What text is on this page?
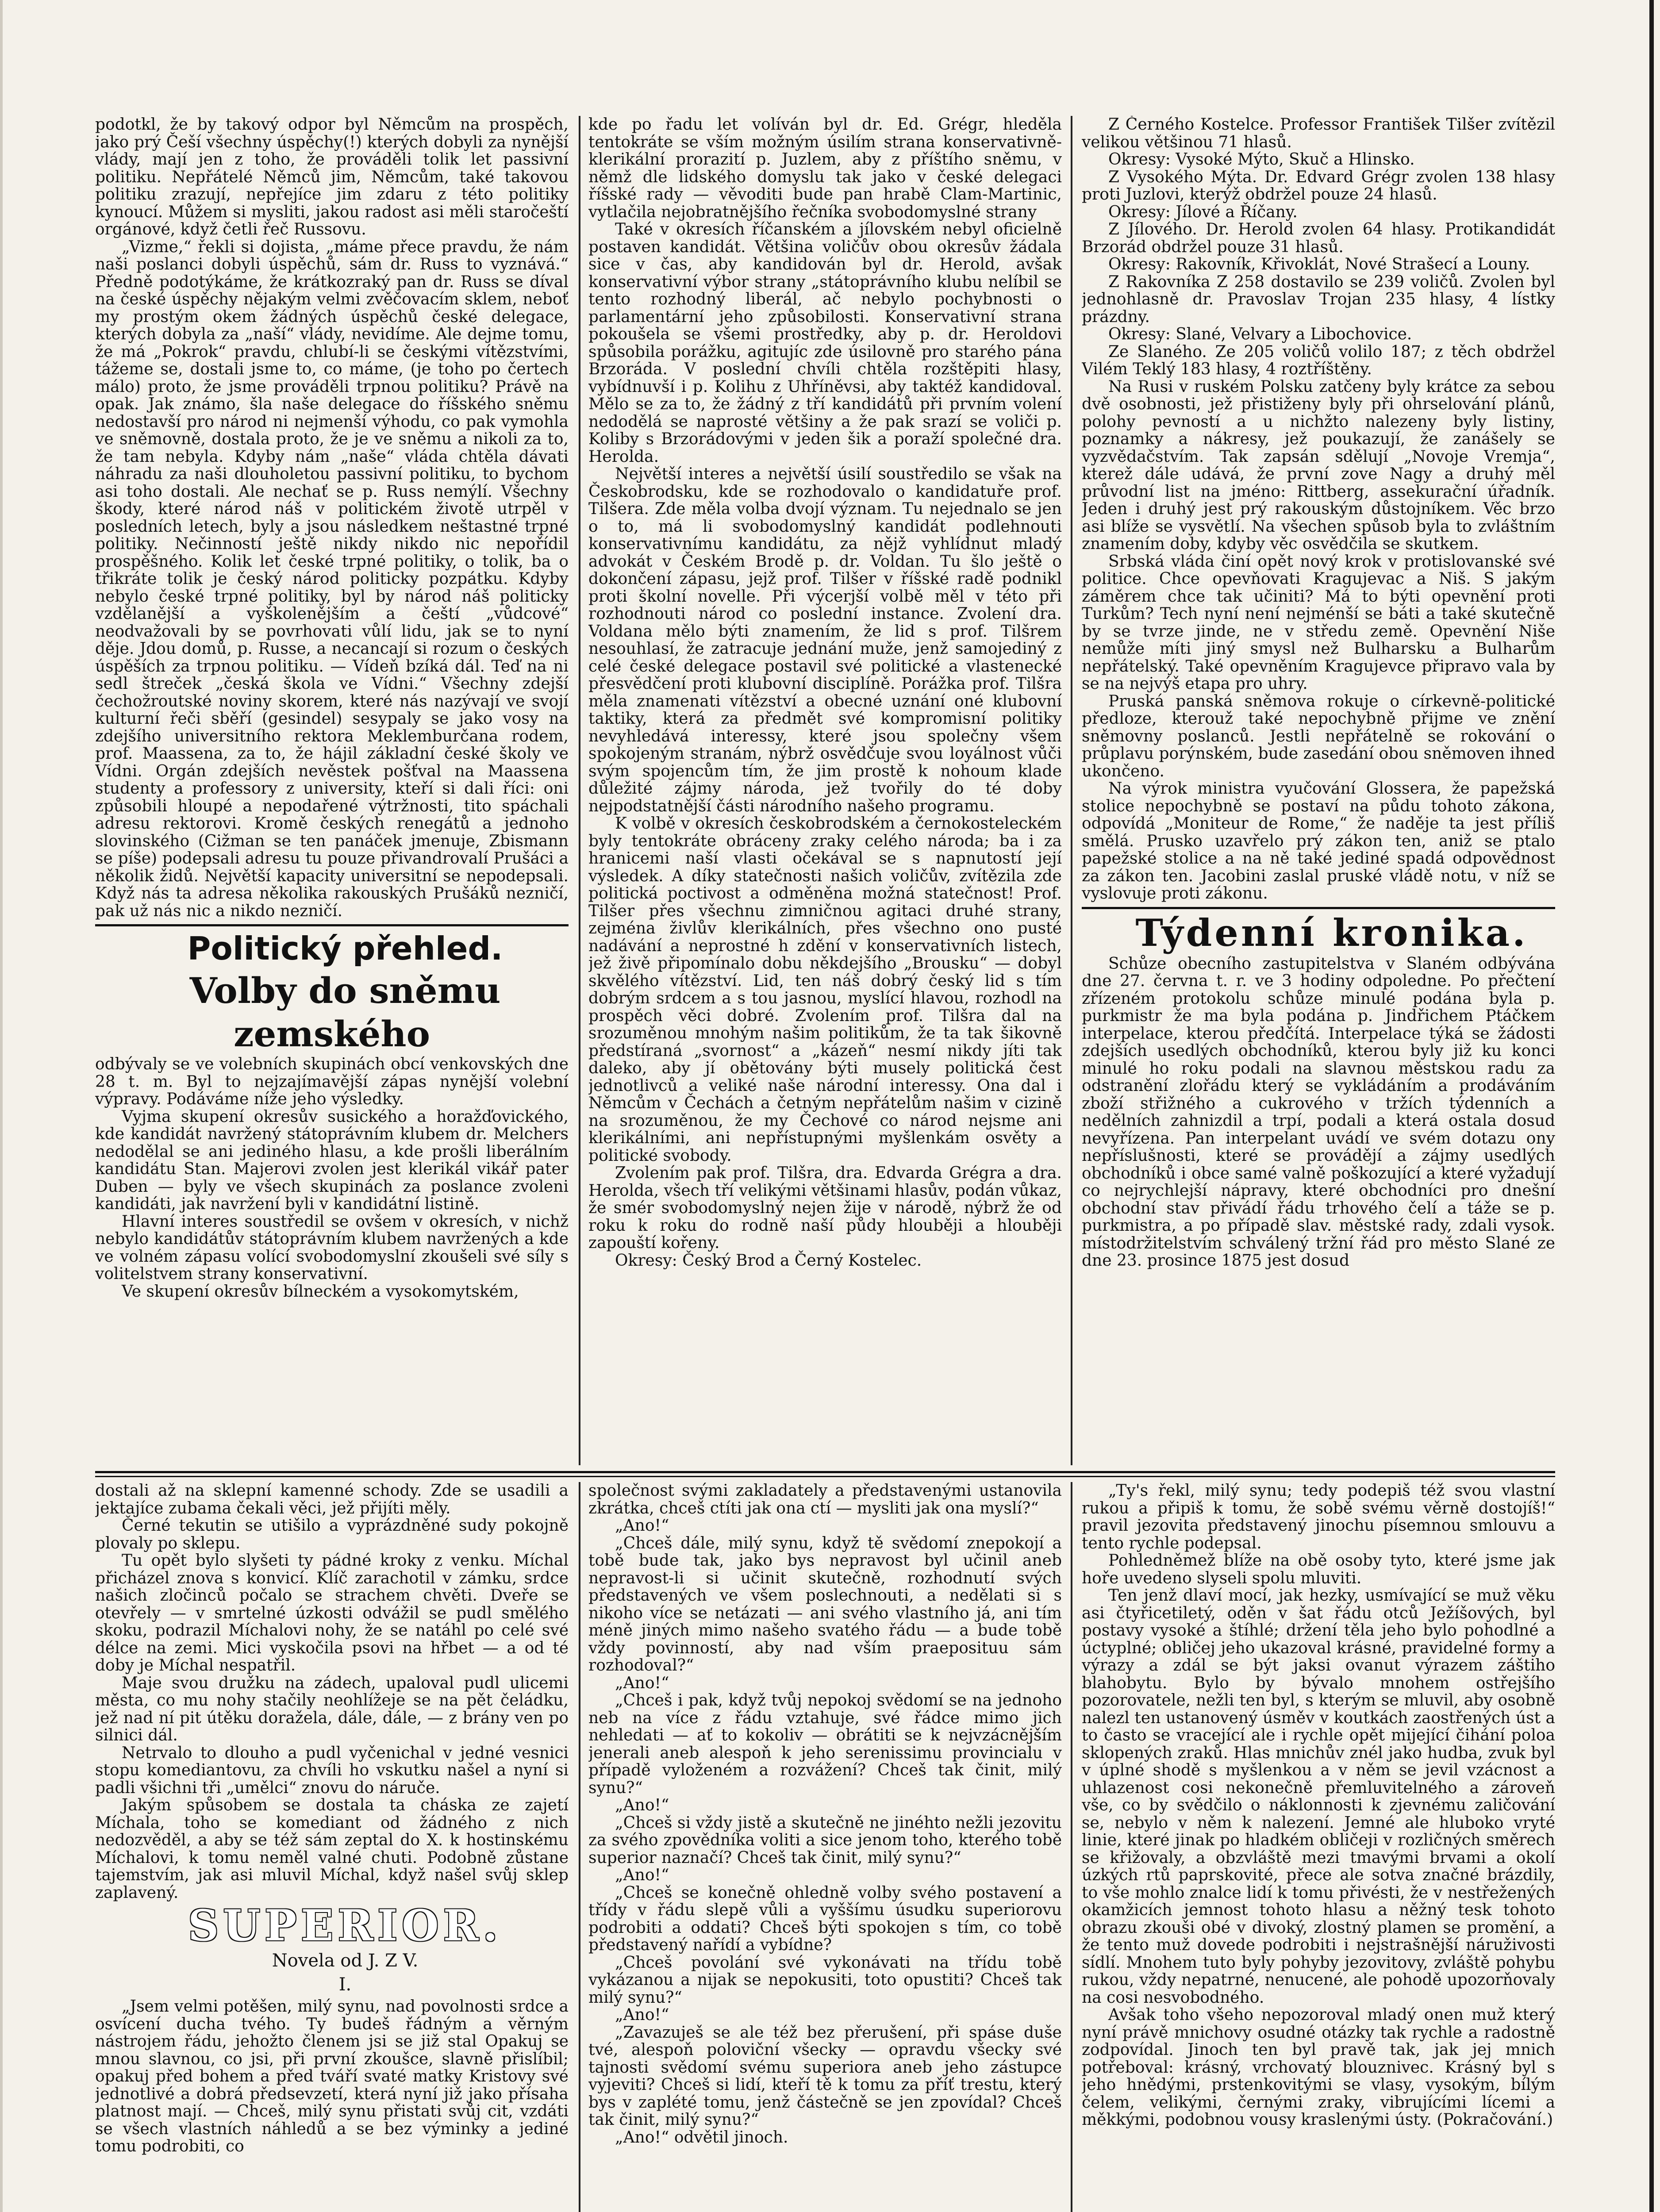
podotkl, že by takový odpor byl Němcům na prospěch, jako prý Češí všechny úspěchy(!) kterých dobyli za nynější vlády, mají jen z toho, že prováděli tolik let passivní politiku. Nepřátelé Němců jim, Němcům, také takovou politiku zrazují, nepřejíce jim zdaru z této politiky kynoucí. Můžem si mysliti, jakou radost asi měli staročeští orgánové, když četli řeč Russovu.

„Vizme,“ řekli si dojista, „máme přece pravdu, že nám naši poslanci dobyli úspěchů, sám dr. Russ to vyznává.“ Předně podotýkáme, že krátkozraký pan dr. Russ se díval na české úspěchy nějakým velmi zvěčovacím sklem, neboť my prostým okem žádných úspěchů české delegace, kterých dobyla za „naší“ vlády, nevidíme. Ale dejme tomu, že má „Pokrok“ pravdu, chlubí-li se českými vítězstvími, tážeme se, dostali jsme to, co máme, (je toho po čertech málo) proto, že jsme prováděli trpnou politiku? Právě na opak. Jak známo, šla naše delegace do říšského sněmu nedostavší pro národ ni nejmenší výhodu, co pak vymohla ve sněmovně, dostala proto, že je ve sněmu a nikoli za to, že tam nebyla. Kdyby nám „naše“ vláda chtěla dávati náhradu za naši dlouholetou passivní politiku, to bychom asi toho dostali. Ale nechať se p. Russ nemýlí. Všechny škody, které národ náš v politickém životě utrpěl v posledních letech, byly a jsou následkem neštastné trpné politiky. Nečinností ještě nikdy nikdo nic nepořídil prospěšného. Kolik let české trpné politiky, o tolik, ba o třikráte tolik je český národ politicky pozpátku. Kdyby nebylo české trpné politiky, byl by národ náš politicky vzdělanější a vyškolenějším a čeští „vůdcové“ neodvažovali by se povrhovati vůlí lidu, jak se to nyní děje. Jdou domů, p. Russe, a necancají si rozum o českých úspěších za trpnou politiku. — Vídeň bzíká dál. Teď na ni sedl štreček „česká škola ve Vídni.“ Všechny zdejší čechožroutské noviny skorem, které nás nazývají ve svojí kulturní řeči sběří (gesindel) sesypaly se jako vosy na zdejšího universitního rektora Meklemburčana rodem, prof. Maassena, za to, že hájil základní české školy ve Vídni. Orgán zdejších nevěstek pošťval na Maassena studenty a professory z university, kteří si dali říci: oni způsobili hloupé a nepodařené výtržnosti, tito spáchali adresu rektorovi. Kromě českých renegátů a jednoho slovinského (Cižman se ten panáček jmenuje, Zbismann se píše) podepsali adresu tu pouze přivandrovalí Prušáci a několik židů. Největší kapacity universitní se nepodepsali. Když nás ta adresa několika rakouských Prušáků nezničí, pak už nás nic a nikdo nezničí.

Politický přehled.

Volby do sněmu zemského

odbývaly se ve volebních skupinách obcí venkovských dne 28 t. m. Byl to nejzajímavější zápas nynější volební výpravy. Podáváme níže jeho výsledky.

Vyjma skupení okresův susického a horažďovického, kde kandidát navržený státoprávním klubem dr. Melchers nedodělal se ani jediného hlasu, a kde prošli liberálním kandidátu Stan. Majerovi zvolen jest klerikál vikář pater Duben — byly ve všech skupinách za poslance zvoleni kandidáti, jak navržení byli v kandidátní listině.

Hlavní interes soustředil se ovšem v okresích, v nichž nebylo kandidátův státoprávním klubem navržených a kde ve volném zápasu volící svobodomyslní zkoušeli své síly s volitelstvem strany konservativní.

Ve skupení okresův bílneckém a vysokomytském,

kde po řadu let volíván byl dr. Ed. Grégr, hleděla tentokráte se vším možným úsilím strana konservativně-klerikální prorazití p. Juzlem, aby z příštího sněmu, v němž dle lidského domyslu tak jako v české delegaci říšské rady — věvoditi bude pan hrabě Clam-Martinic, vytlačila nejobratnějšího řečníka svobodomyslné strany

Také v okresích říčanském a jílovském nebyl oficielně postaven kandidát. Většina voličův obou okresův žádala sice v čas, aby kandidován byl dr. Herold, avšak konservativní výbor strany „státoprávního klubu nelíbil se tento rozhodný liberál, ač nebylo pochybnosti o parlamentární jeho způsobilosti. Konservativní strana pokoušela se všemi prostředky, aby p. dr. Heroldovi spůsobila porážku, agitujíc zde úsilovně pro starého pána Brzoráda. V poslední chvíli chtěla rozštěpiti hlasy, vybídnuvší i p. Kolihu z Uhříněvsi, aby taktéž kandidoval. Mělo se za to, že žádný z tří kandidátů při prvním volení nedodělá se naprosté většiny a že pak srazí se voliči p. Koliby s Brzorádovými v jeden šik a poraží společné dra. Herolda.

Největší interes a největší úsilí soustředilo se však na Českobrodsku, kde se rozhodovalo o kandidatuře prof. Tilšera. Zde měla volba dvojí význam. Tu nejednalo se jen o to, má li svobodomyslný kandidát podlehnouti konservativnímu kandidátu, za nějž vyhlídnut mladý advokát v Českém Brodě p. dr. Voldan. Tu šlo ještě o dokončení zápasu, jejž prof. Tilšer v říšské radě podnikl proti školní novelle. Při výcerjší volbě měl v této při rozhodnouti národ co poslední instance. Zvolení dra. Voldana mělo býti znamením, že lid s prof. Tilšrem nesouhlasí, že zatracuje jednání muže, jenž samojediný z celé české delegace postavil své politické a vlastenecké přesvědčení proti klubovní disciplíně. Porážka prof. Tilšra měla znamenati vítězství a obecné uznání oné klubovní taktiky, která za předmět své kompromisní politiky nevyhledává interessy, které jsou společny všem spokojeným stranám, nýbrž osvědčuje svou loyálnost vůči svým spojencům tím, že jim prostě k nohoum klade důležité zájmy národa, jež tvořily do té doby nejpodstatnější části národního našeho programu.

K volbě v okresích českobrodském a černokosteleckém byly tentokráte obráceny zraky celého národa; ba i za hranicemi naší vlasti očekával se s napnutostí její výsledek. A díky statečnosti našich voličův, zvítězila zde politická poctivost a odměněna možná statečnost! Prof. Tilšer přes všechnu zimničnou agitaci druhé strany, zejména živlův klerikálních, přes všechno ono pusté nadávání a neprostné h zdění v konservativních listech, jež živě připomínalo dobu někdejšího „Brousku“ — dobyl skvělého vítězství. Lid, ten náš dobrý český lid s tím dobrým srdcem a s tou jasnou, myslící hlavou, rozhodl na prospěch věci dobré. Zvolením prof. Tilšra dal na srozuměnou mnohým našim politikům, že ta tak šikovně předstíraná „svornost“ a „kázeň“ nesmí nikdy jíti tak daleko, aby jí obětovány býti musely politická čest jednotlivců a veliké naše národní interessy. Ona dal i Němcům v Čechách a četným nepřátelům našim v cizině na srozuměnou, že my Čechové co národ nejsme ani klerikálními, ani nepřístupnými myšlenkám osvěty a politické svobody.

Zvolením pak prof. Tilšra, dra. Edvarda Grégra a dra. Herolda, všech tří velikými většinami hlasův, podán vůkaz, že smér svobodomyslný nejen žije v národě, nýbrž že od roku k roku do rodně naší půdy hlouběji a hlouběji zapouští kořeny.

Okresy: Český Brod a Černý Kostelec.

Z Černého Kostelce. Professor František Tilšer zvítězil velikou většinou 71 hlasů.

Okresy: Vysoké Mýto, Skuč a Hlinsko.

Z Vysokého Mýta. Dr. Edvard Grégr zvolen 138 hlasy proti Juzlovi, kterýž obdržel pouze 24 hlasů.

Okresy: Jílové a Říčany.

Z Jílového. Dr. Herold zvolen 64 hlasy. Protikandidát Brzorád obdržel pouze 31 hlasů.

Okresy: Rakovník, Křivoklát, Nové Strašecí a Louny.

Z Rakovníka Z 258 dostavilo se 239 voličů. Zvolen byl jednohlasně dr. Pravoslav Trojan 235 hlasy, 4 lístky prázdny.

Okresy: Slané, Velvary a Libochovice.

Ze Slaného. Ze 205 voličů volilo 187; z těch obdržel Vilém Teklý 183 hlasy, 4 roztříštěny.

Na Rusi v ruském Polsku zatčeny byly krátce za sebou dvě osobnosti, jež přistiženy byly při ohrselování plánů, polohy pevností a u nichžto nalezeny byly listiny, poznamky a nákresy, jež poukazují, že zanášely se vyzvědačstvím. Tak zapsán sdělují „Novoje Vremja“, kterež dále udává, že první zove Nagy a druhý měl průvodní list na jméno: Rittberg, assekurační úřadník. Jeden i druhý jest prý rakouským důstojníkem. Věc brzo asi blíže se vysvětlí. Na všechen spůsob byla to zvláštním znamením doby, kdyby věc osvědčila se skutkem.

Srbská vláda činí opět nový krok v protislovanské své politice. Chce opevňovati Kragujevac a Niš. S jakým záměrem chce tak učiniti? Má to býti opevnění proti Turkům? Tech nyní není nejménší se báti a také skutečně by se tvrze jinde, ne v středu země. Opevnění Niše nemůže míti jiný smysl než Bulharsku a Bulharům nepřátelský. Také opevněním Kragujevce připravo vala by se na nejvýš etapa pro uhry.

Pruská panská sněmova rokuje o církevně-politické předloze, kterouž také nepochybně přijme ve znění sněmovny poslanců. Jestli nepřátelně se rokování o průplavu porýnském, bude zasedání obou sněmoven ihned ukončeno.

Na výrok ministra vyučování Glossera, že papežská stolice nepochybně se postaví na půdu tohoto zákona, odpovídá „Moniteur de Rome,“ že naděje ta jest příliš smělá. Prusko uzavřelo prý zákon ten, aniž se ptalo papežské stolice a na ně také jediné spadá odpovědnost za zákon ten. Jacobini zaslal pruské vládě notu, v níž se vyslovuje proti zákonu.

Týdenní kronika.

Schůze obecního zastupitelstva v Slaném odbývána dne 27. června t. r. ve 3 hodiny odpoledne. Po přečtení zřízeném protokolu schůze minulé podána byla p. purkmistr že ma byla podána p. Jindřichem Ptáčkem interpelace, kterou předčítá. Interpelace týká se žádosti zdejších usedlých obchodníků, kterou byly již ku konci minulé ho roku podali na slavnou městskou radu za odstranění zlořádu který se vykládáním a prodáváním zboží střižného a cukrového v tržích týdenních a nedělních zahnizdil a trpí, podali a která ostala dosud nevyřízena. Pan interpelant uvádí ve svém dotazu ony nepříslušnosti, které se provádějí a zájmy usedlých obchodníků i obce samé valně poškozující a které vyžadují co nejrychlejší nápravy, které obchodníci pro dnešní obchodní stav přivádí řádu trhového čelí a táže se p. purkmistra, a po případě slav. městské rady, zdali vysok. místodržitelstvím schválený tržní řád pro město Slané ze dne 23. prosince 1875 jest dosud

dostali až na sklepní kamenné schody. Zde se usadili a jektajíce zubama čekali věci, jež přijíti měly.

Černé tekutin se utišilo a vyprázdněné sudy pokojně plovaly po sklepu.

Tu opět bylo slyšeti ty pádné kroky z venku. Míchal přicházel znova s konvicí. Klíč zarachotil v zámku, srdce našich zločinců počalo se strachem chvěti. Dveře se otevřely — v smrtelné úzkosti odvážil se pudl smělého skoku, podrazil Míchalovi nohy, že se natáhl po celé své délce na zemi. Mici vyskočila psovi na hřbet — a od té doby je Míchal nespatřil.

Maje svou družku na zádech, upaloval pudl ulicemi města, co mu nohy stačily neohlížeje se na pět čeládku, jež nad ní pit útěku doražela, dále, dále, — z brány ven po silnici dál.

Netrvalo to dlouho a pudl vyčenichal v jedné vesnici stopu komediantovu, za chvíli ho vskutku našel a nyní si padli všichni tři „umělci“ znovu do náruče.

Jakým spůsobem se dostala ta cháska ze zajetí Míchala, toho se komediant od žádného z nich nedozvěděl, a aby se též sám zeptal do X. k hostinskému Míchalovi, k tomu neměl valné chuti. Podobně zůstane tajemstvím, jak asi mluvil Míchal, když našel svůj sklep zaplavený.

SUPERIOR.

Novela od J. Z V.

I.

„Jsem velmi potěšen, milý synu, nad povolnosti srdce a osvícení ducha tvého. Ty budeš řádným a věrným nástrojem řádu, jehožto členem jsi se již stal Opakuj se mnou slavnou, co jsi, při první zkoušce, slavně přislíbil; opakuj před bohem a před tváří svaté matky Kristovy své jednotlivé a dobrá předsevzetí, která nyní již jako přísaha platnost mají. — Chceš, milý synu přistati svůj cit, vzdáti se všech vlastních náhledů a se bez výminky a jediné tomu podrobiti, co

společnost svými zakladately a představenými ustanovila zkrátka, chceš ctíti jak ona ctí — mysliti jak ona myslí?“

„Ano!“

„Chceš dále, milý synu, když tě svědomí znepokojí a tobě bude tak, jako bys nepravost byl učinil aneb nepravost-li si učinit skutečně, rozhodnutí svých představených ve všem poslechnouti, a nedělati si s nikoho více se netázati — ani svého vlastního já, ani tím méně jiných mimo našeho svatého řádu — a bude tobě vždy povinností, aby nad vším praeposituu sám rozhodoval?“

„Ano!“

„Chceš i pak, když tvůj nepokoj svědomí se na jednoho neb na více z řádu vztahuje, své řádce mimo jich nehledati — ať to kokoliv — obrátiti se k nejvzácnějším jenerali aneb alespoň k jeho serenissimu provincialu v případě vyloženém a rozvážení? Chceš tak činit, milý synu?“

„Ano!“

„Chceš si vždy jistě a skutečně ne jinéhto nežli jezovitu za svého zpovědníka voliti a sice jenom toho, kterého tobě superior naznačí? Chceš tak činit, milý synu?“

„Ano!“

„Chceš se konečně ohledně volby svého postavení a třídy v řádu slepě vůli a vyššímu úsudku superiorovu podrobiti a oddati? Chceš býti spokojen s tím, co tobě představený nařídí a vybídne?

„Chceš povolání své vykonávati na třídu tobě vykázanou a nijak se nepokusiti, toto opustiti? Chceš tak milý synu?“

„Ano!“

„Zavazuješ se ale též bez přerušení, při spáse duše tvé, alespoň poloviční všecky — opravdu všecky své tajnosti svědomí svému superiora aneb jeho zástupce vyjeviti? Chceš si lidí, kteří tě k tomu za příť trestu, který bys v zaplété tomu, jenž částečně se jen zpovídal? Chceš tak činit, milý synu?“

„Ano!“ odvětil jinoch.

„Ty's řekl, milý synu; tedy podepiš též svou vlastní rukou a připiš k tomu, že sobě svému věrně dostojíš!“ pravil jezovita představený jinochu písemnou smlouvu a tento rychle podepsal.

Pohledněmež blíže na obě osoby tyto, které jsme jak hoře uvedeno slyseli spolu mluviti.

Ten jenž dlaví mocí, jak hezky, usmívající se muž věku asi čtyřicetiletý, oděn v šat řádu otců Ježíšových, byl postavy vysoké a štíhlé; držení těla jeho bylo pohodlné a úctyplné; obličej jeho ukazoval krásné, pravidelné formy a výrazy a zdál se být jaksi ovanut výrazem záštiho blahobytu. Bylo by bývalo mnohem ostřejšího pozorovatele, nežli ten byl, s kterým se mluvil, aby osobně nalezl ten ustanovený úsměv v koutkách zaostřených úst a to často se vracející ale i rychle opět mijející čihání poloa sklopených zraků. Hlas mnichův znél jako hudba, zvuk byl v úplné shodě s myšlenkou a v něm se jevil vzácnost a uhlazenost cosi nekonečně přemluvitelného a zároveň vše, co by svědčilo o náklonnosti k zjevnému zaličování se, nebylo v něm k nalezení. Jemné ale hluboko vryté linie, které jinak po hladkém obličeji v rozličných směrech se křižovaly, a obzvláště mezi tmavými brvami a okolí úzkých rtů paprskovité, přece ale sotva značné brázdily, to vše mohlo znalce lidí k tomu přivésti, že v nestřežených okamžicích jemnost tohoto hlasu a něžný tesk tohoto obrazu zkouši obé v divoký, zlostný plamen se promění, a že tento muž dovede podrobiti i nejstrašnější náruživosti sídlí. Mnohem tuto byly pohyby jezovitovy, zvláště pohybu rukou, vždy nepatrné, nenucené, ale pohodě upozorňovaly na cosi nesvobodného.

Avšak toho všeho nepozoroval mladý onen muž který nyní právě mnichovy osudné otázky tak rychle a radostně zodpovídal. Jinoch ten byl pravě tak, jak jej mnich potřeboval: krásný, vrchovatý blouznivec. Krásný byl s jeho hnědými, prstenkovitými se vlasy, vysokým, bílým čelem, velikými, černými zraky, vibrujícími lícemi a měkkými, podobnou vousy kraslenými ústy. (Pokračování.)
